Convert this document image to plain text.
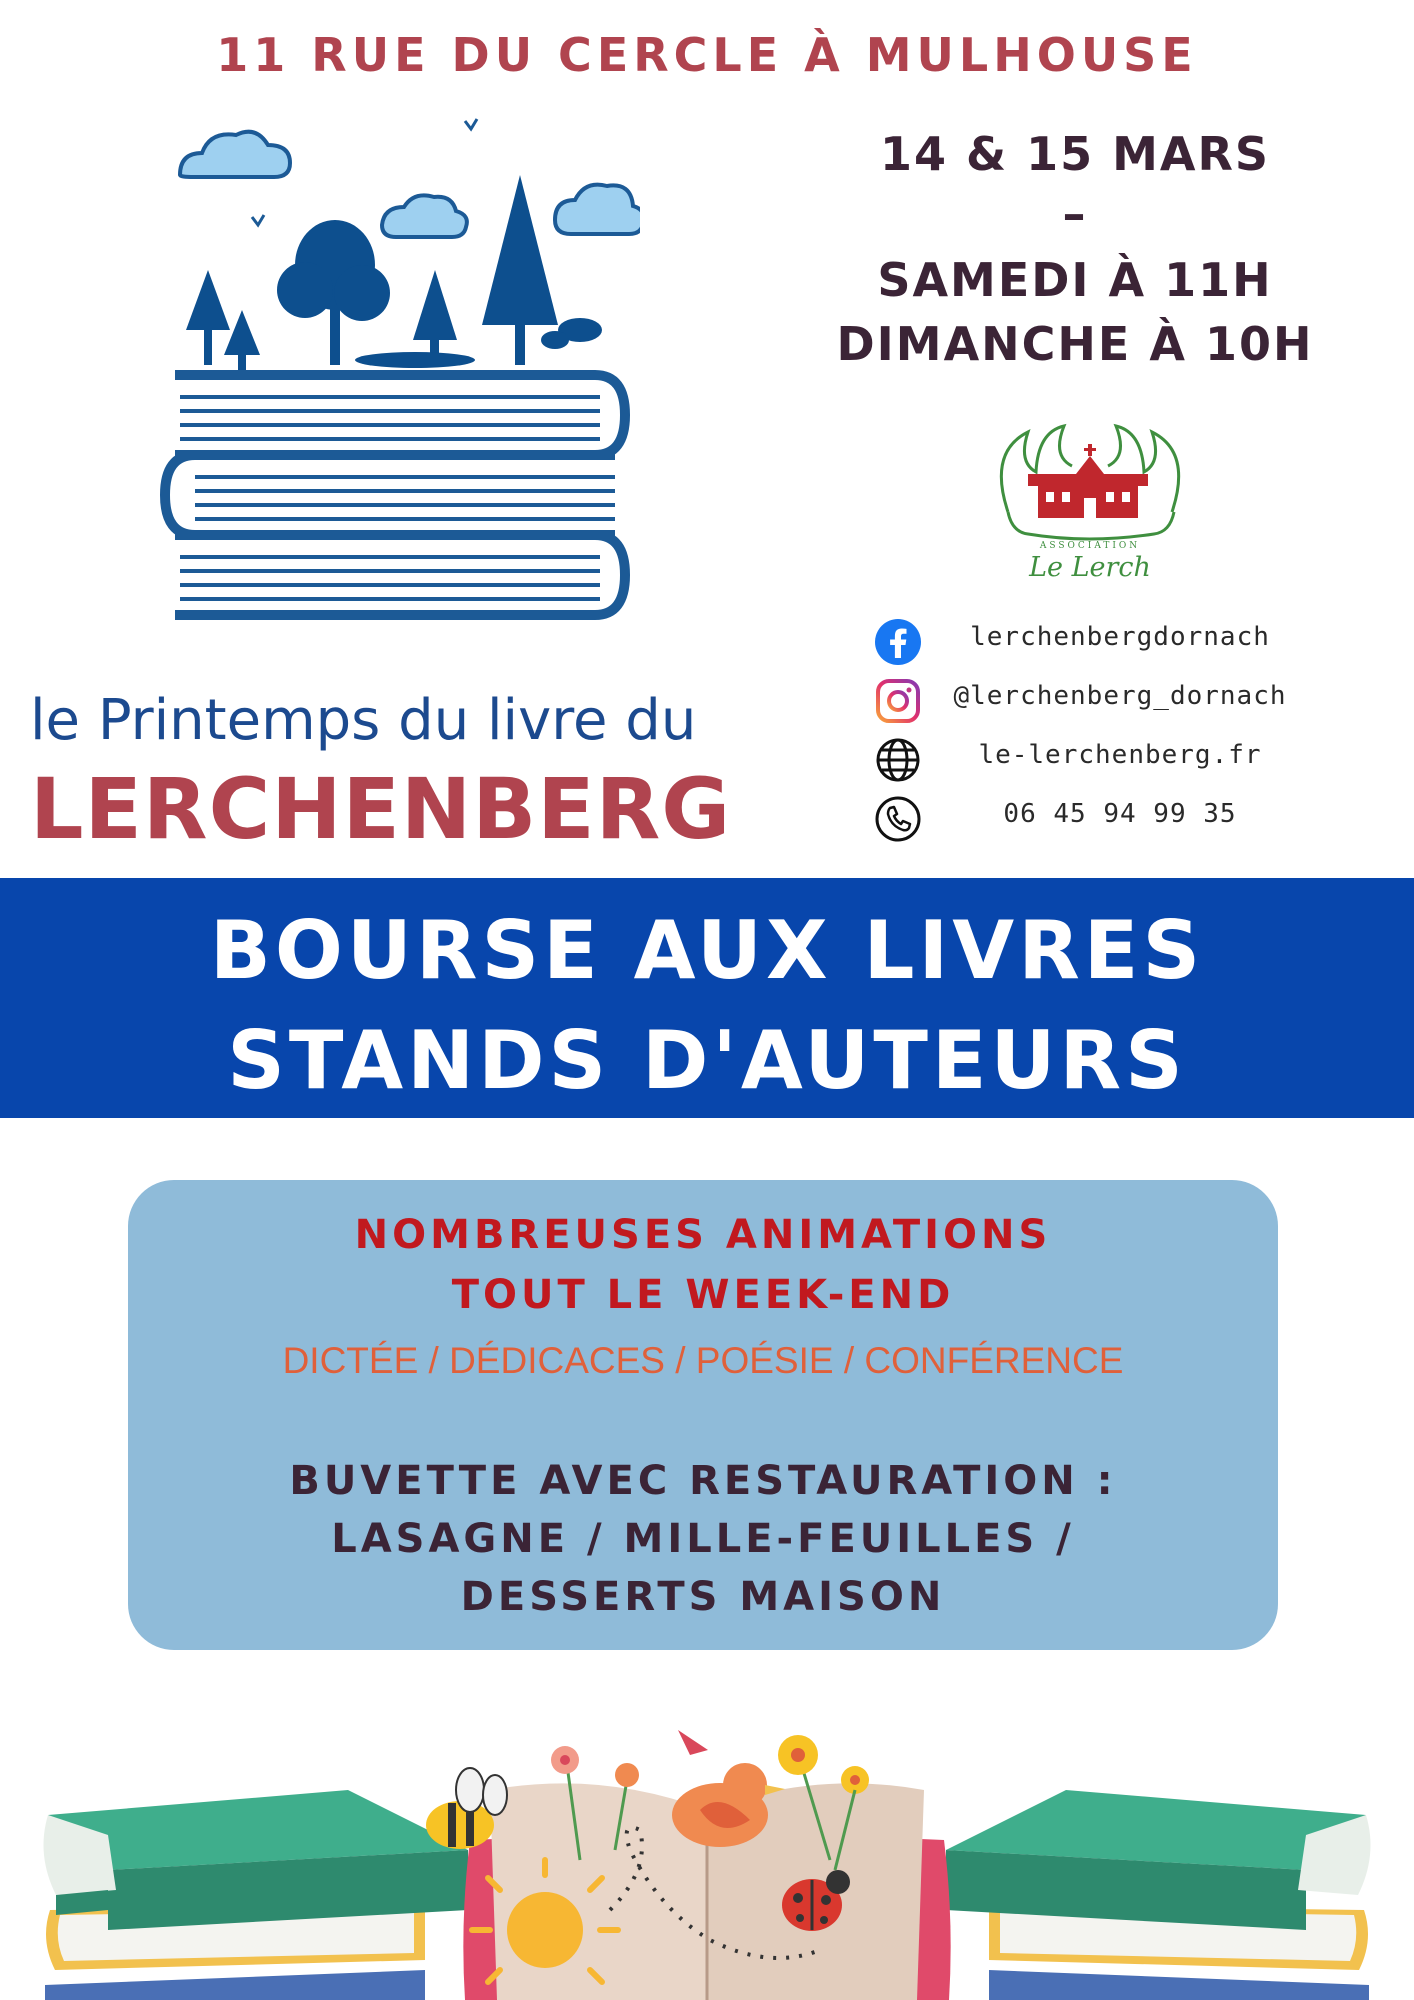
11 RUE DU CERCLE À MULHOUSE
14 & 15 MARS
–
SAMEDI À 11H
DIMANCHE À 10H
ASSOCIATION
Le Lerch
lerchenbergdornach
@lerchenberg_dornach
le-lerchenberg.fr
06 45 94 99 35
le Printemps du livre du
LERCHENBERG
BOURSE AUX LIVRES
STANDS D'AUTEURS
NOMBREUSES ANIMATIONS
TOUT LE WEEK-END
DICTÉE / DÉDICACES / POÉSIE / CONFÉRENCE
BUVETTE AVEC RESTAURATION :
LASAGNE / MILLE-FEUILLES /
DESSERTS MAISON
